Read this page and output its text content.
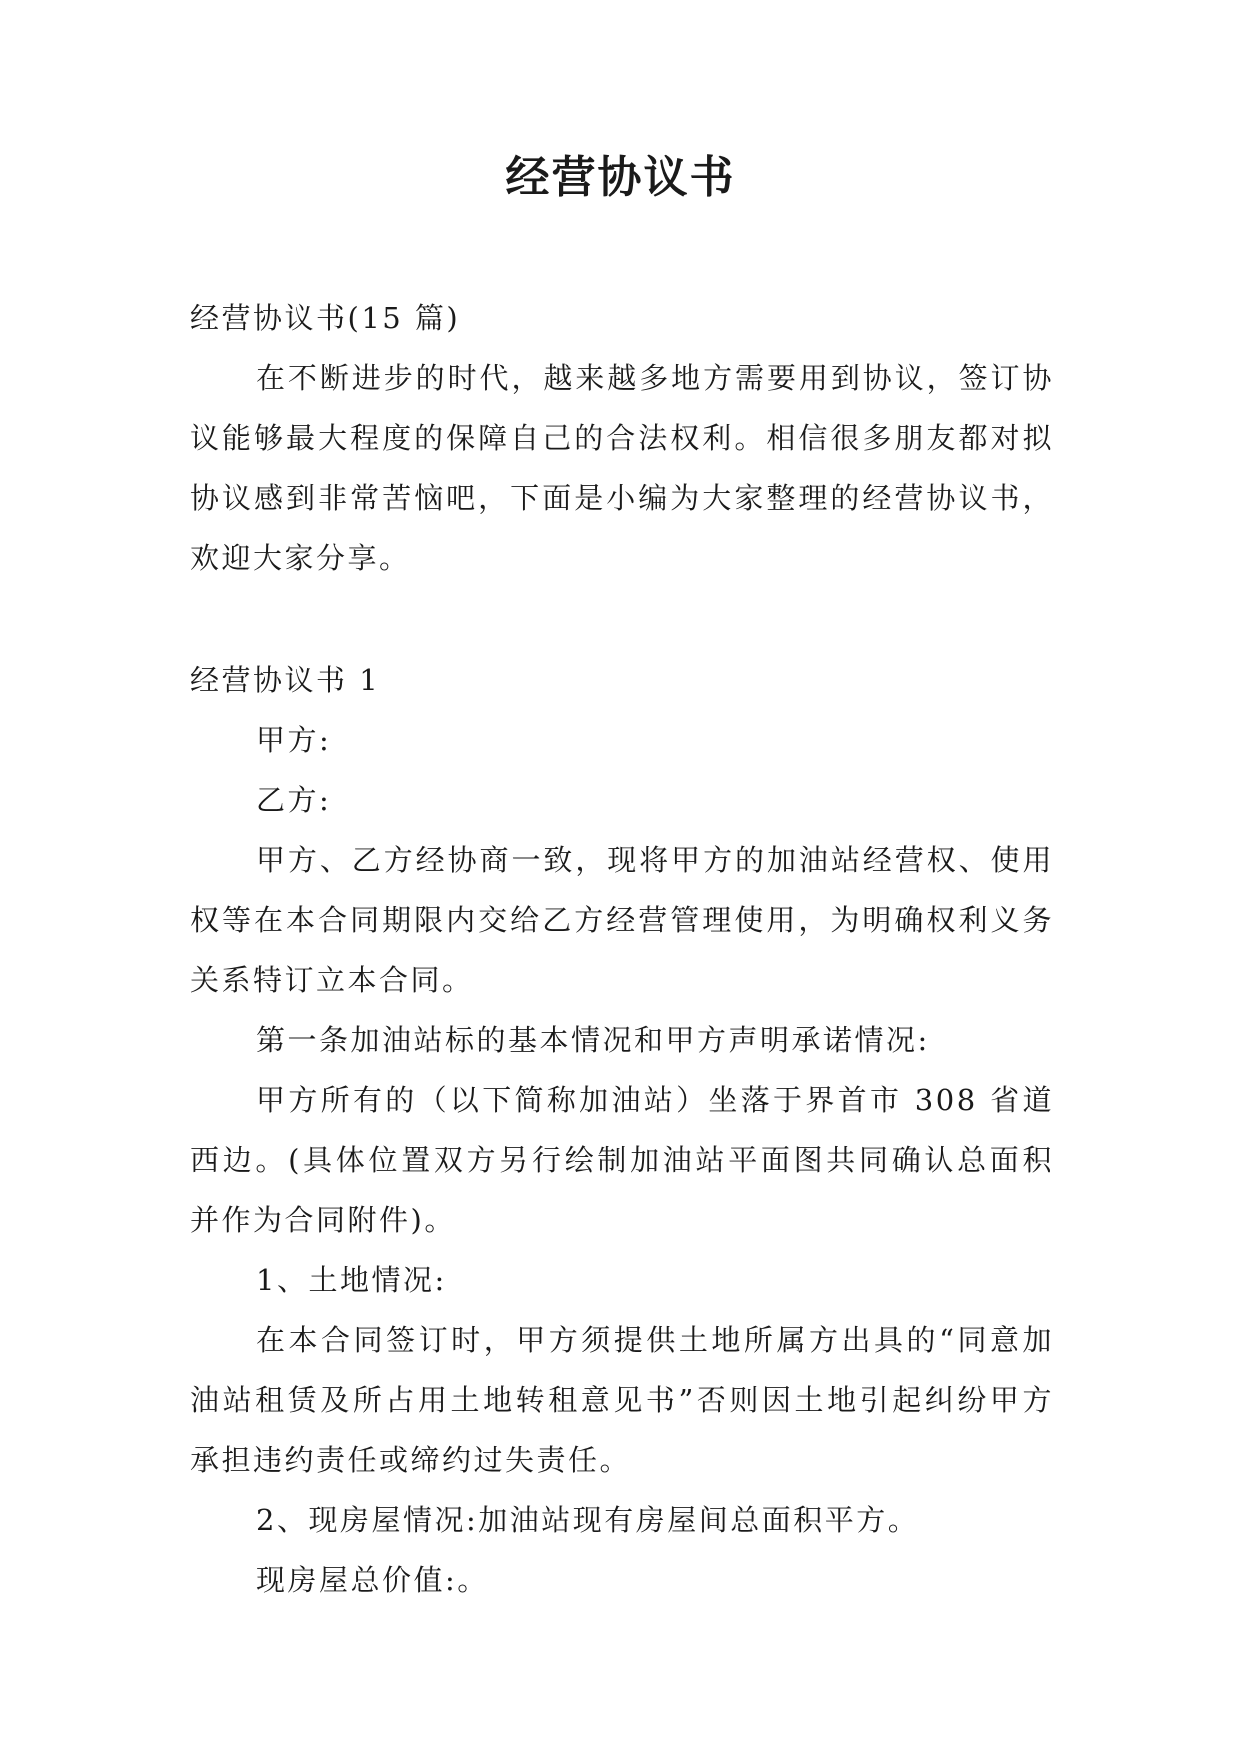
经营协议书

经营协议书(15 篇)

在不断进步的时代，越来越多地方需要用到协议，签订协议能够最大程度的保障自己的合法权利。相信很多朋友都对拟协议感到非常苦恼吧，下面是小编为大家整理的经营协议书，欢迎大家分享。

经营协议书 1

甲方:

乙方:

甲方、乙方经协商一致，现将甲方的加油站经营权、使用权等在本合同期限内交给乙方经营管理使用，为明确权利义务关系特订立本合同。

第一条加油站标的基本情况和甲方声明承诺情况:

甲方所有的（以下简称加油站）坐落于界首市 308 省道西边。(具体位置双方另行绘制加油站平面图共同确认总面积并作为合同附件)。

1、土地情况:

在本合同签订时，甲方须提供土地所属方出具的“同意加油站租赁及所占用土地转租意见书”否则因土地引起纠纷甲方承担违约责任或缔约过失责任。

2、现房屋情况:加油站现有房屋间总面积平方。

现房屋总价值:。
